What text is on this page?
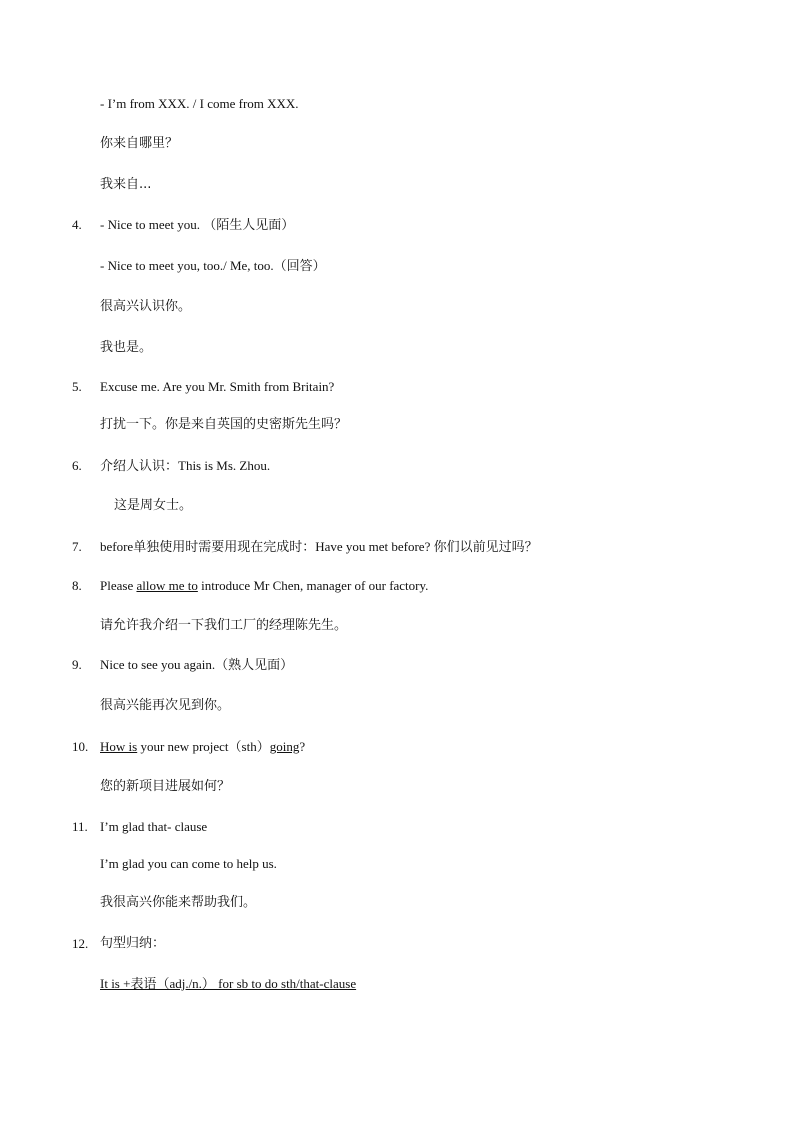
- I’m from XXX. / I come from XXX.
你来自哪里？
我来自...
4. - Nice to meet you. （陌生人见面）
- Nice to meet you, too./ Me, too.（回答）
很高兴认识你。
我也是。
5. Excuse me. Are you Mr. Smith from Britain?
打扰一下。你是来自英国的史密斯先生吗？
6. 介绍人认识：This is Ms. Zhou.
这是周女士。
7. before单独使用时需要用现在完成时：Have you met before? 你们以前见过吗？
8. Please allow me to introduce Mr Chen, manager of our factory.
请允许我介绍一下我们工厂的经理陈先生。
9. Nice to see you again.（熟人见面）
很高兴能再次见到你。
10. How is your new project（sth）going?
您的新项目进展如何？
11. I’m glad that- clause
I’m glad you can come to help us.
我很高兴你能来帮助我们。
12. 句型归纳：
It is +表语（adj./n.） for sb to do sth/that-clause
